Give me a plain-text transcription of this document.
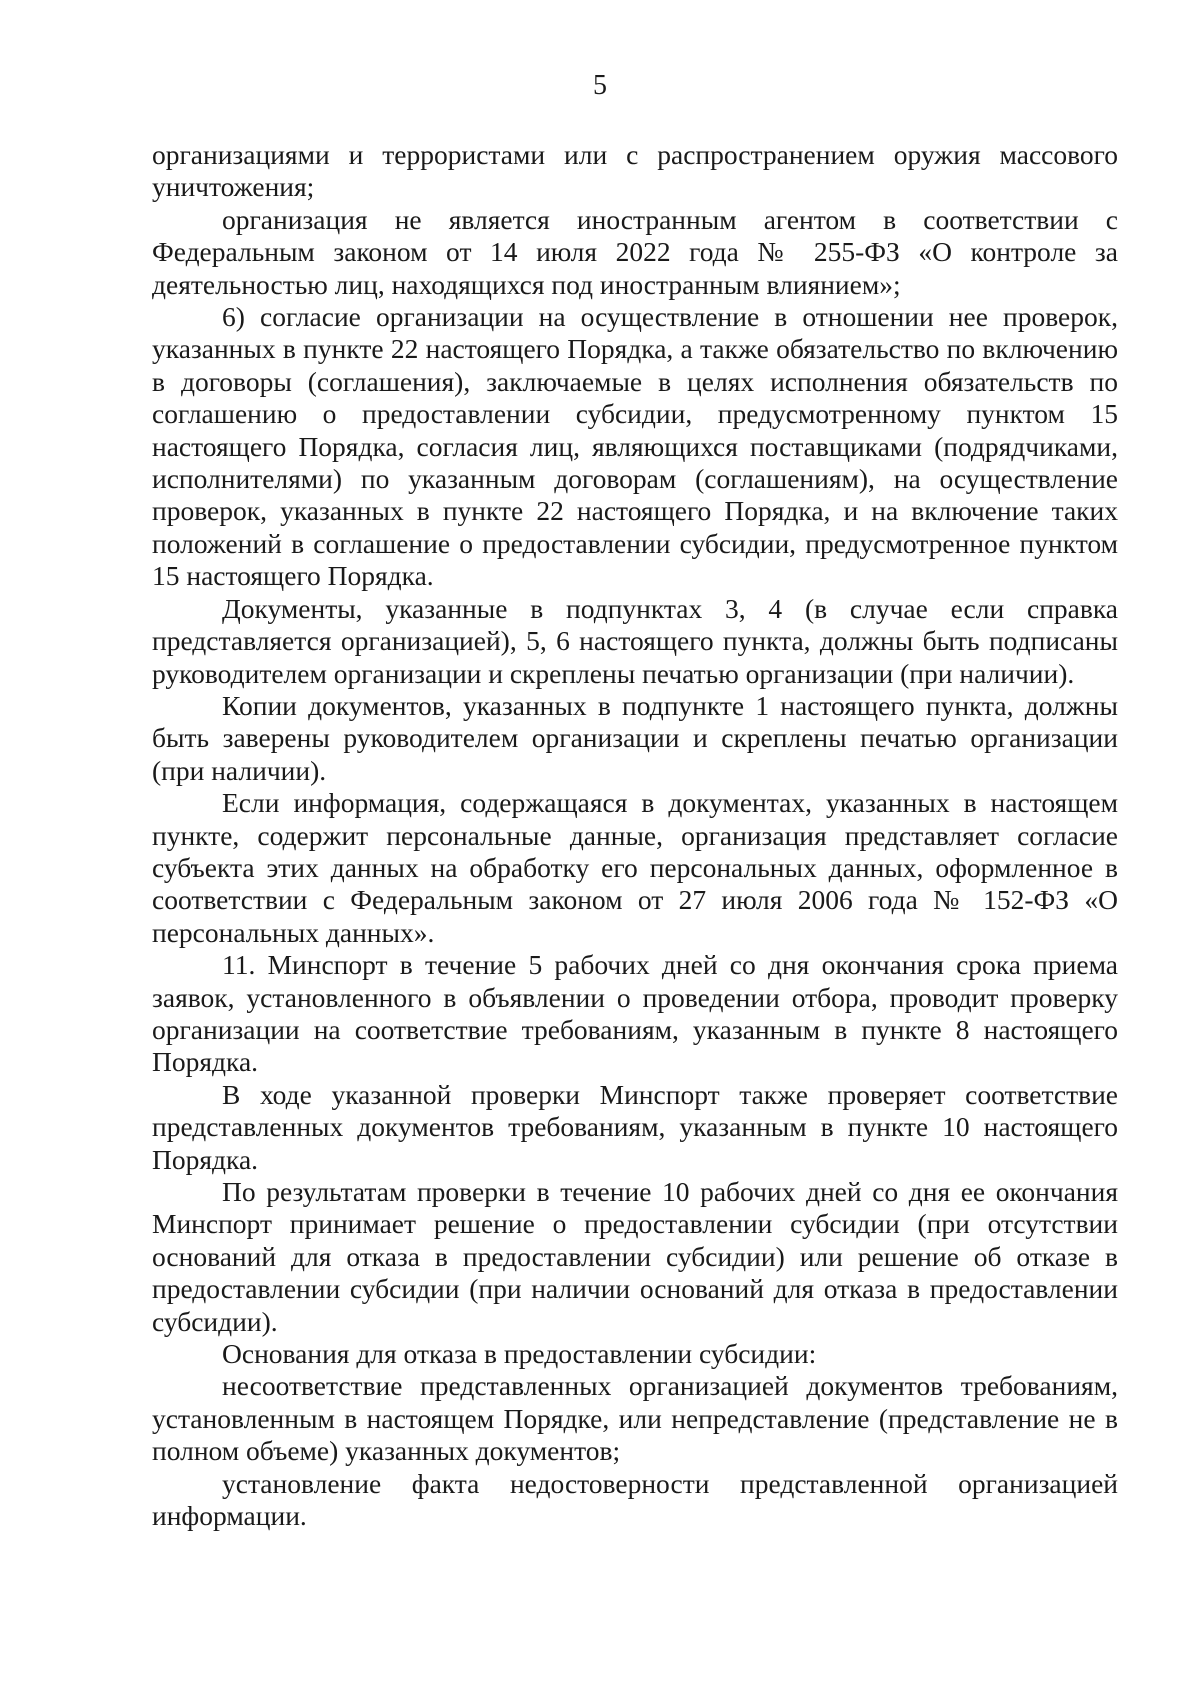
5

организациями и террористами или с распространением оружия массового уничтожения;

организация не является иностранным агентом в соответствии с Федеральным законом от 14 июля 2022 года № 255-ФЗ «О контроле за деятельностью лиц, находящихся под иностранным влиянием»;

6) согласие организации на осуществление в отношении нее проверок, указанных в пункте 22 настоящего Порядка, а также обязательство по включению в договоры (соглашения), заключаемые в целях исполнения обязательств по соглашению о предоставлении субсидии, предусмотренному пунктом 15 настоящего Порядка, согласия лиц, являющихся поставщиками (подрядчиками, исполнителями) по указанным договорам (соглашениям), на осуществление проверок, указанных в пункте 22 настоящего Порядка, и на включение таких положений в соглашение о предоставлении субсидии, предусмотренное пунктом 15 настоящего Порядка.

Документы, указанные в подпунктах 3, 4 (в случае если справка представляется организацией), 5, 6 настоящего пункта, должны быть подписаны руководителем организации и скреплены печатью организации (при наличии).

Копии документов, указанных в подпункте 1 настоящего пункта, должны быть заверены руководителем организации и скреплены печатью организации (при наличии).

Если информация, содержащаяся в документах, указанных в настоящем пункте, содержит персональные данные, организация представляет согласие субъекта этих данных на обработку его персональных данных, оформленное в соответствии с Федеральным законом от 27 июля 2006 года № 152-ФЗ «О персональных данных».

11. Минспорт в течение 5 рабочих дней со дня окончания срока приема заявок, установленного в объявлении о проведении отбора, проводит проверку организации на соответствие требованиям, указанным в пункте 8 настоящего Порядка.

В ходе указанной проверки Минспорт также проверяет соответствие представленных документов требованиям, указанным в пункте 10 настоящего Порядка.

По результатам проверки в течение 10 рабочих дней со дня ее окончания Минспорт принимает решение о предоставлении субсидии (при отсутствии оснований для отказа в предоставлении субсидии) или решение об отказе в предоставлении субсидии (при наличии оснований для отказа в предоставлении субсидии).

Основания для отказа в предоставлении субсидии:

несоответствие представленных организацией документов требованиям, установленным в настоящем Порядке, или непредставление (представление не в полном объеме) указанных документов;

установление факта недостоверности представленной организацией информации.
